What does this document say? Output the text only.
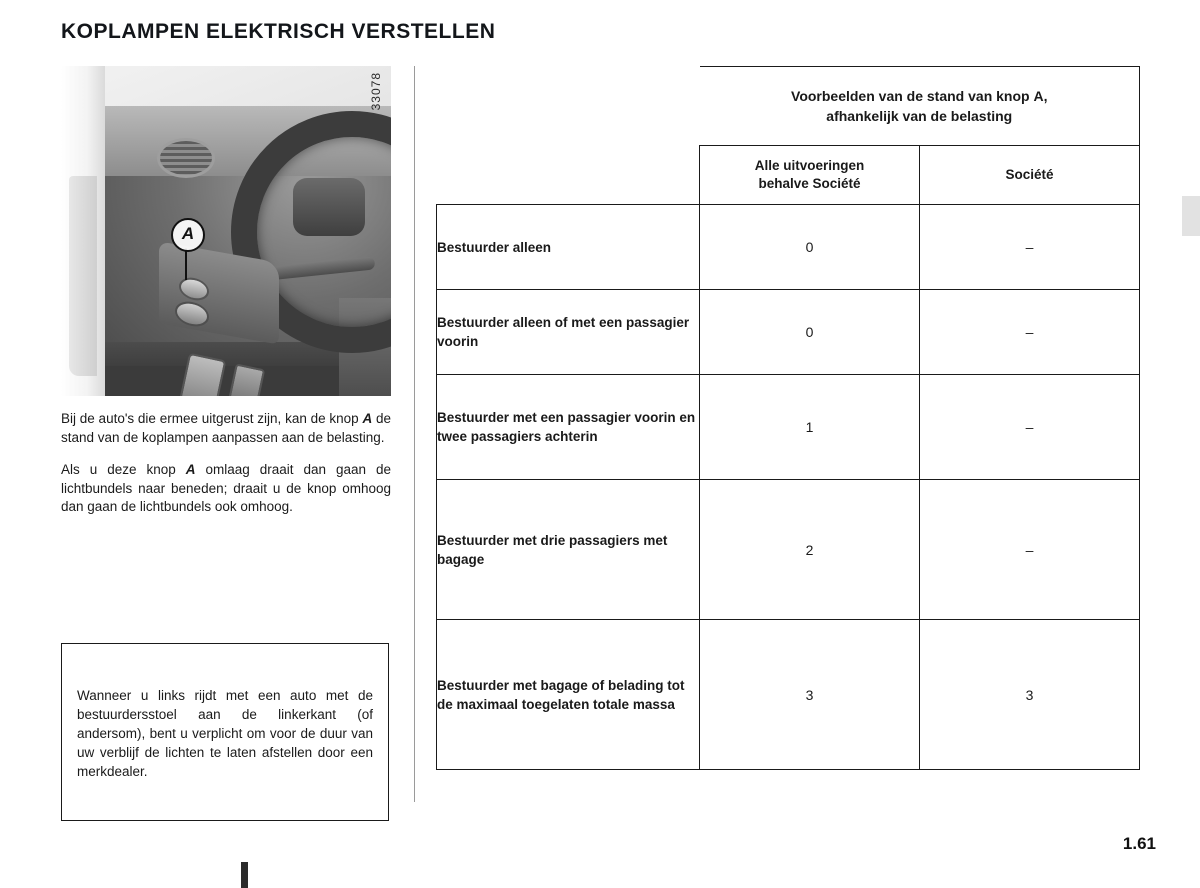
KOPLAMPEN ELEKTRISCH VERSTELLEN
A
33078

Bij de auto's die ermee uitgerust zijn, kan de knop A de stand van de koplampen aanpassen aan de belasting.

Als u deze knop A omlaag draait dan gaan de lichtbundels naar beneden; draait u de knop omhoog dan gaan de lichtbundels ook omhoog.

Wanneer u links rijdt met een auto met de bestuurdersstoel aan de linkerkant (of andersom), bent u verplicht om voor de duur van uw verblijf de lichten te laten afstellen door een merkdealer.
	Voorbeelden van de stand van knop A,
afhankelijk van de belasting	
	Alle uitvoeringen
behalve Société	Société
Bestuurder alleen	0	–
Bestuurder alleen of met een passagier voorin	0	–
Bestuurder met een passagier voorin en twee passagiers achterin	1	–
Bestuurder met drie passagiers met bagage	2	–
Bestuurder met bagage of belading tot de maximaal toegelaten totale massa	3	3
1.61
